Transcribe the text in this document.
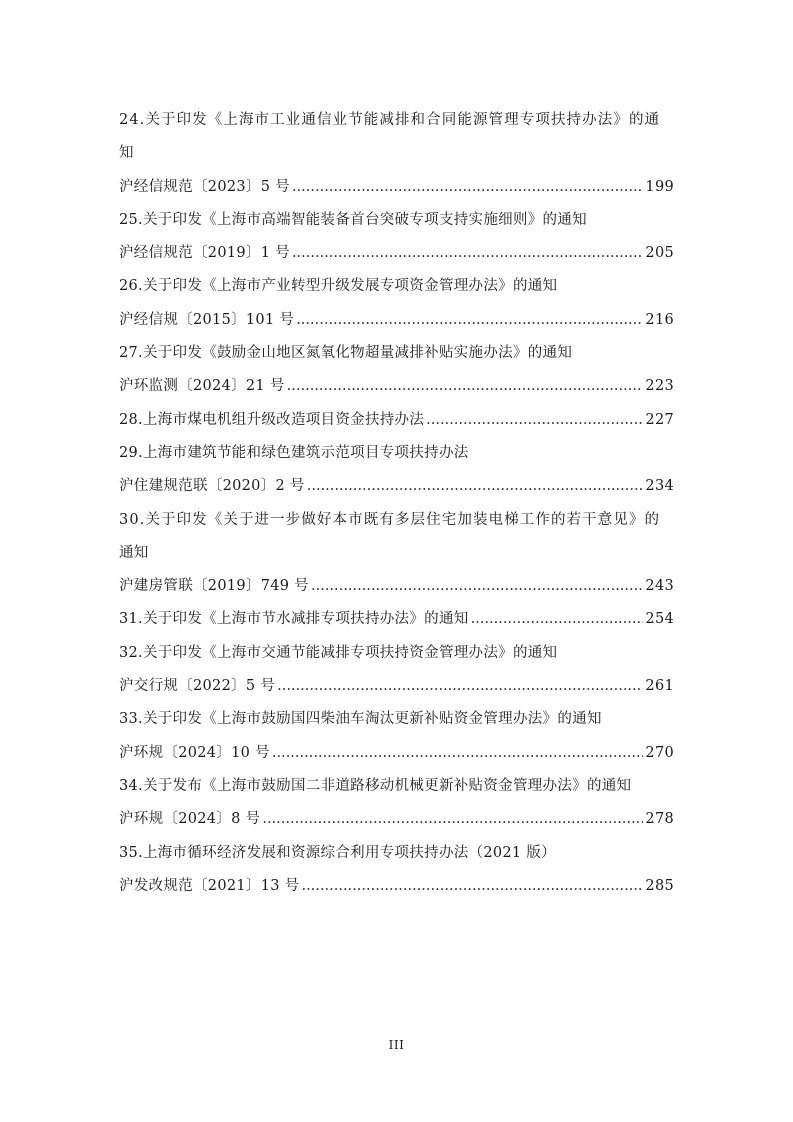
24.关于印发《上海市工业通信业节能减排和合同能源管理专项扶持办法》的通
知
沪经信规范〔2023〕5 号 .....	199
25.关于印发《上海市高端智能装备首台突破专项支持实施细则》的通知
沪经信规范〔2019〕1 号 .....	205
26.关于印发《上海市产业转型升级发展专项资金管理办法》的通知
沪经信规〔2015〕101 号 .....	216
27.关于印发《鼓励金山地区氮氧化物超量减排补贴实施办法》的通知
沪环监测〔2024〕21 号 .....	223
28.上海市煤电机组升级改造项目资金扶持办法 .....	227
29.上海市建筑节能和绿色建筑示范项目专项扶持办法
沪住建规范联〔2020〕2 号 .....	234
30.关于印发《关于进一步做好本市既有多层住宅加装电梯工作的若干意见》的
通知
沪建房管联〔2019〕749 号 .....	243
31.关于印发《上海市节水减排专项扶持办法》的通知 .....	254
32.关于印发《上海市交通节能减排专项扶持资金管理办法》的通知
沪交行规〔2022〕5 号 .....	261
33.关于印发《上海市鼓励国四柴油车淘汰更新补贴资金管理办法》的通知
沪环规〔2024〕10 号 .....	270
34.关于发布《上海市鼓励国二非道路移动机械更新补贴资金管理办法》的通知
沪环规〔2024〕8 号 .....	278
35.上海市循环经济发展和资源综合利用专项扶持办法（2021 版）
沪发改规范〔2021〕13 号 .....	285
III
